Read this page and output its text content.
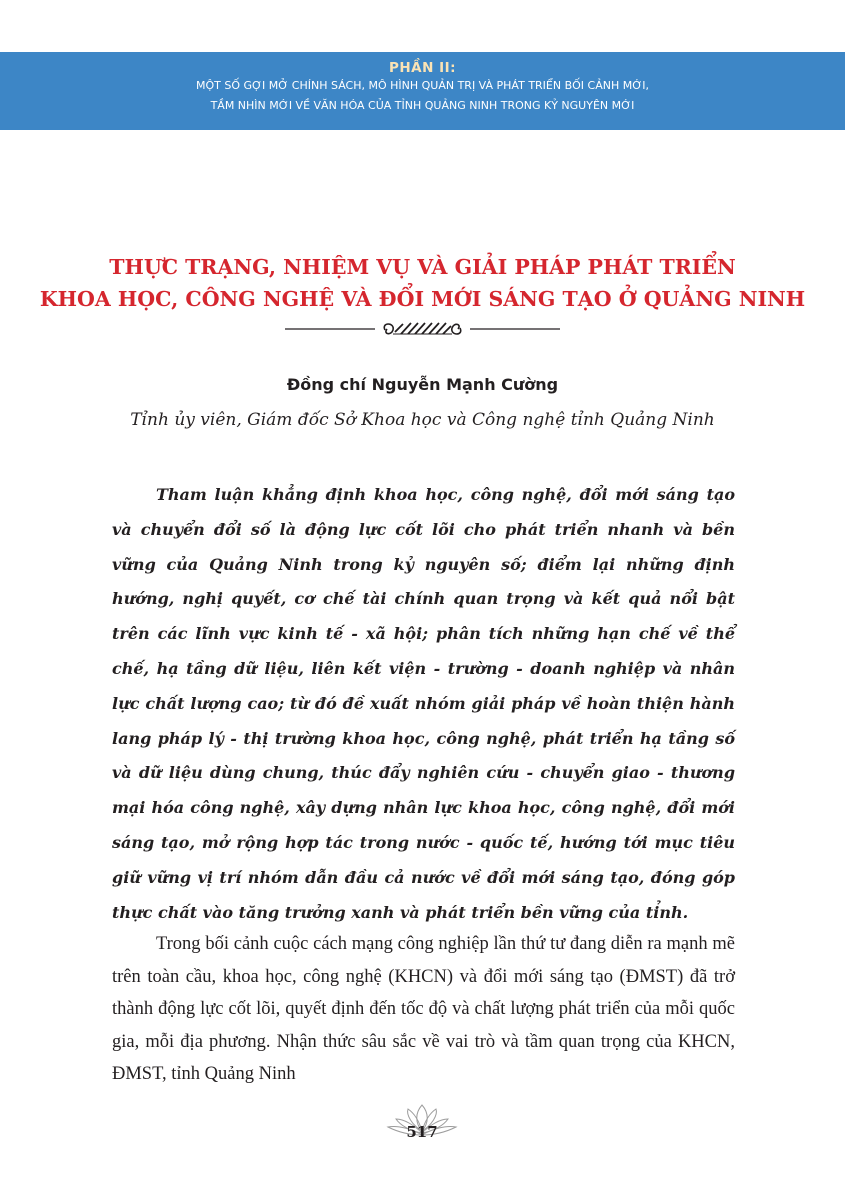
PHẦN II:
MỘT SỐ GỢI MỞ CHÍNH SÁCH, MÔ HÌNH QUẢN TRỊ VÀ PHÁT TRIỂN BỐI CẢNH MỚI,
TẦM NHÌN MỚI VỀ VĂN HÓA CỦA TỈNH QUẢNG NINH TRONG KỶ NGUYÊN MỚI
THỰC TRẠNG, NHIỆM VỤ VÀ GIẢI PHÁP PHÁT TRIỂN
KHOA HỌC, CÔNG NGHỆ VÀ ĐỔI MỚI SÁNG TẠO Ở QUẢNG NINH
Đồng chí Nguyễn Mạnh Cường
Tỉnh ủy viên, Giám đốc Sở Khoa học và Công nghệ tỉnh Quảng Ninh
Tham luận khẳng định khoa học, công nghệ, đổi mới sáng tạo và chuyển đổi số là động lực cốt lõi cho phát triển nhanh và bền vững của Quảng Ninh trong kỷ nguyên số; điểm lại những định hướng, nghị quyết, cơ chế tài chính quan trọng và kết quả nổi bật trên các lĩnh vực kinh tế - xã hội; phân tích những hạn chế về thể chế, hạ tầng dữ liệu, liên kết viện - trường - doanh nghiệp và nhân lực chất lượng cao; từ đó đề xuất nhóm giải pháp về hoàn thiện hành lang pháp lý - thị trường khoa học, công nghệ, phát triển hạ tầng số và dữ liệu dùng chung, thúc đẩy nghiên cứu - chuyển giao - thương mại hóa công nghệ, xây dựng nhân lực khoa học, công nghệ, đổi mới sáng tạo, mở rộng hợp tác trong nước - quốc tế, hướng tới mục tiêu giữ vững vị trí nhóm dẫn đầu cả nước về đổi mới sáng tạo, đóng góp thực chất vào tăng trưởng xanh và phát triển bền vững của tỉnh.
Trong bối cảnh cuộc cách mạng công nghiệp lần thứ tư đang diễn ra mạnh mẽ trên toàn cầu, khoa học, công nghệ (KHCN) và đổi mới sáng tạo (ĐMST) đã trở thành động lực cốt lõi, quyết định đến tốc độ và chất lượng phát triển của mỗi quốc gia, mỗi địa phương. Nhận thức sâu sắc về vai trò và tầm quan trọng của KHCN, ĐMST, tỉnh Quảng Ninh
517
